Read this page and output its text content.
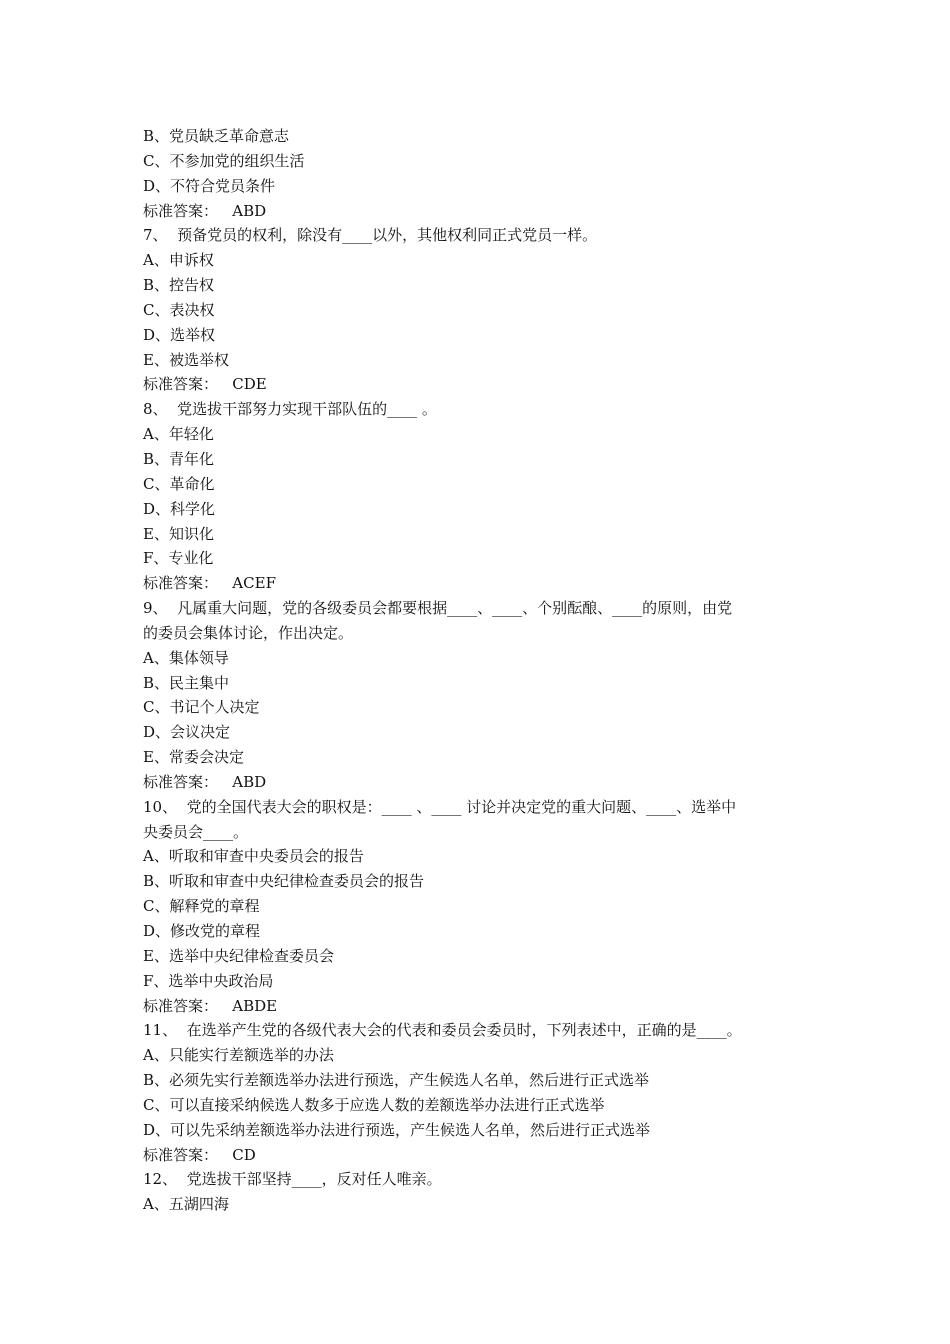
B、党员缺乏革命意志
C、不参加党的组织生活
D、不符合党员条件
标准答案：   ABD
7、  预备党员的权利，除没有____以外，其他权利同正式党员一样。
A、申诉权
B、控告权
C、表决权
D、选举权
E、被选举权
标准答案：   CDE
8、  党选拔干部努力实现干部队伍的____ 。
A、年轻化
B、青年化
C、革命化
D、科学化
E、知识化
F、专业化
标准答案：   ACEF
9、  凡属重大问题，党的各级委员会都要根据____、____、个别酝酿、____的原则，由党
的委员会集体讨论，作出决定。
A、集体领导
B、民主集中
C、书记个人决定
D、会议决定
E、常委会决定
标准答案：   ABD
10、  党的全国代表大会的职权是：____ 、____ 讨论并决定党的重大问题、____、选举中
央委员会____。
A、听取和审查中央委员会的报告
B、听取和审查中央纪律检查委员会的报告
C、解释党的章程
D、修改党的章程
E、选举中央纪律检查委员会
F、选举中央政治局
标准答案：   ABDE
11、  在选举产生党的各级代表大会的代表和委员会委员时，下列表述中，正确的是____。
A、只能实行差额选举的办法
B、必须先实行差额选举办法进行预选，产生候选人名单，然后进行正式选举
C、可以直接采纳候选人数多于应选人数的差额选举办法进行正式选举
D、可以先采纳差额选举办法进行预选，产生候选人名单，然后进行正式选举
标准答案：   CD
12、  党选拔干部坚持____，反对任人唯亲。
A、五湖四海
